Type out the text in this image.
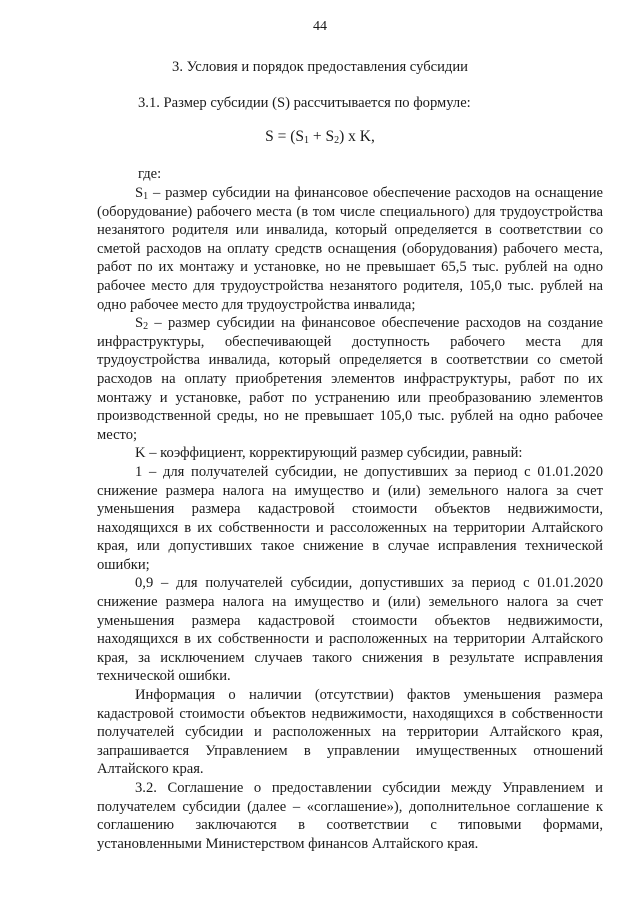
44
3. Условия и порядок предоставления субсидии
3.1. Размер субсидии (S) рассчитывается по формуле:
$S = (S_1 + S_2)$ x K,
где:

$S_1$ – размер субсидии на финансовое обеспечение расходов на оснащение (оборудование) рабочего места (в том числе специального) для трудоустройства незанятого родителя или инвалида, который определяется в соответствии со сметой расходов на оплату средств оснащения (оборудования) рабочего места, работ по их монтажу и установке, но не превышает 65,5 тыс. рублей на одно рабочее место для трудоустройства незанятого родителя, 105,0 тыс. рублей на одно рабочее место для трудоустройства инвалида;

$S_2$ – размер субсидии на финансовое обеспечение расходов на создание инфраструктуры, обеспечивающей доступность рабочего места для трудоустройства инвалида, который определяется в соответствии со сметой расходов на оплату приобретения элементов инфраструктуры, работ по их монтажу и установке, работ по устранению или преобразованию элементов производственной среды, но не превышает 105,0 тыс. рублей на одно рабочее место;

K – коэффициент, корректирующий размер субсидии, равный:

1 – для получателей субсидии, не допустивших за период с 01.01.2020 снижение размера налога на имущество и (или) земельного налога за счет уменьшения размера кадастровой стоимости объектов недвижимости, находящихся в их собственности и рассоложенных на территории Алтайского края, или допустивших такое снижение в случае исправления технической ошибки;

0,9 – для получателей субсидии, допустивших за период с 01.01.2020 снижение размера налога на имущество и (или) земельного налога за счет уменьшения размера кадастровой стоимости объектов недвижимости, находящихся в их собственности и расположенных на территории Алтайского края, за исключением случаев такого снижения в результате исправления технической ошибки.

Информация о наличии (отсутствии) фактов уменьшения размера кадастровой стоимости объектов недвижимости, находящихся в собственности получателей субсидии и расположенных на территории Алтайского края, запрашивается Управлением в управлении имущественных отношений Алтайского края.

3.2. Соглашение о предоставлении субсидии между Управлением и получателем субсидии (далее – «соглашение»), дополнительное соглашение к соглашению заключаются в соответствии с типовыми формами, установленными Министерством финансов Алтайского края.
